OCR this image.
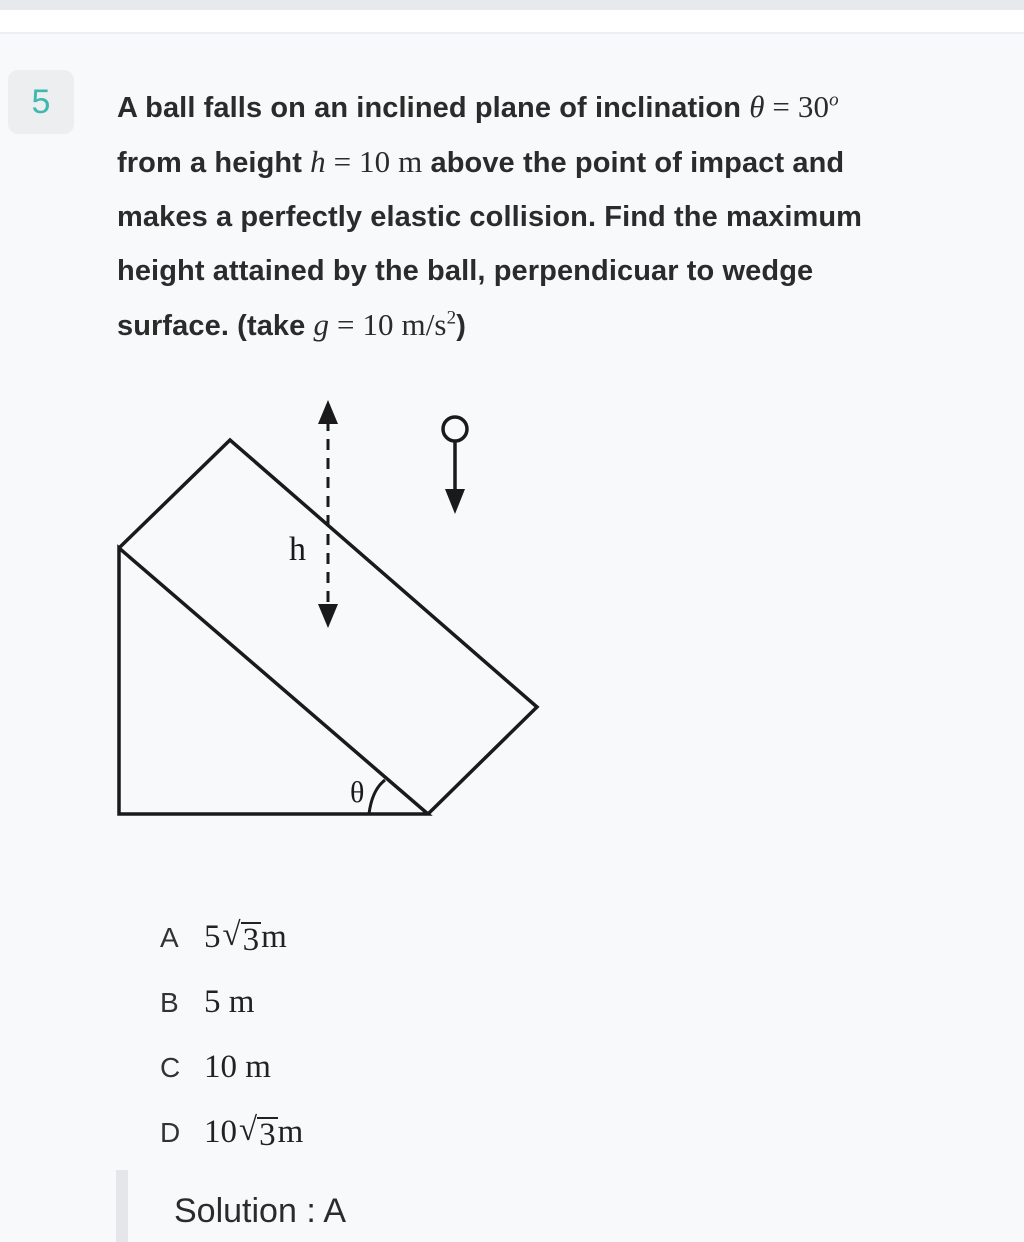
5 A ball falls on an inclined plane of inclination $\theta = 30^o$
from a height h = 10 m above the point of impact and
makes a perfectly elastic collision. Find the maximum
height attained by the ball, perpendicuar to wedge
surface. (take g = 10 $m/s^2$)
θ
h
A 5 √ 3 m
B 5 m
C 10 m
D 10 √ 3 m
Solution : A
